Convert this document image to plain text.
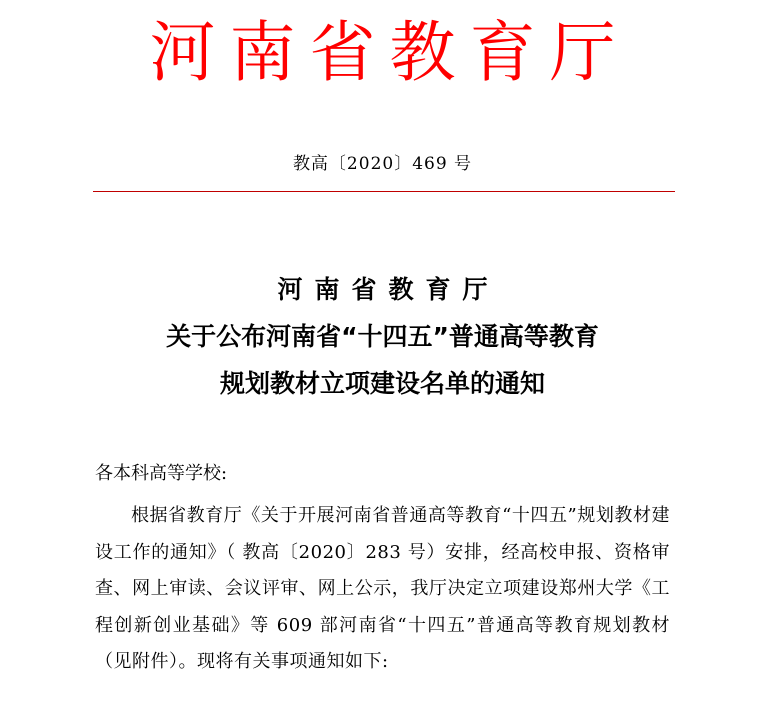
河南省教育厅
教高〔2020〕469 号
河南省教育厅
关于公布河南省“十四五”普通高等教育
规划教材立项建设名单的通知
各本科高等学校:
根据省教育厅《关于开展河南省普通高等教育“十四五”规划教材建设工作的通知》（ 教高〔2020〕283 号）安排，经高校申报、资格审查、网上审读、会议评审、网上公示，我厅决定立项建设郑州大学《工程创新创业基础》等 609 部河南省“十四五”普通高等教育规划教材（见附件）。现将有关事项通知如下:
